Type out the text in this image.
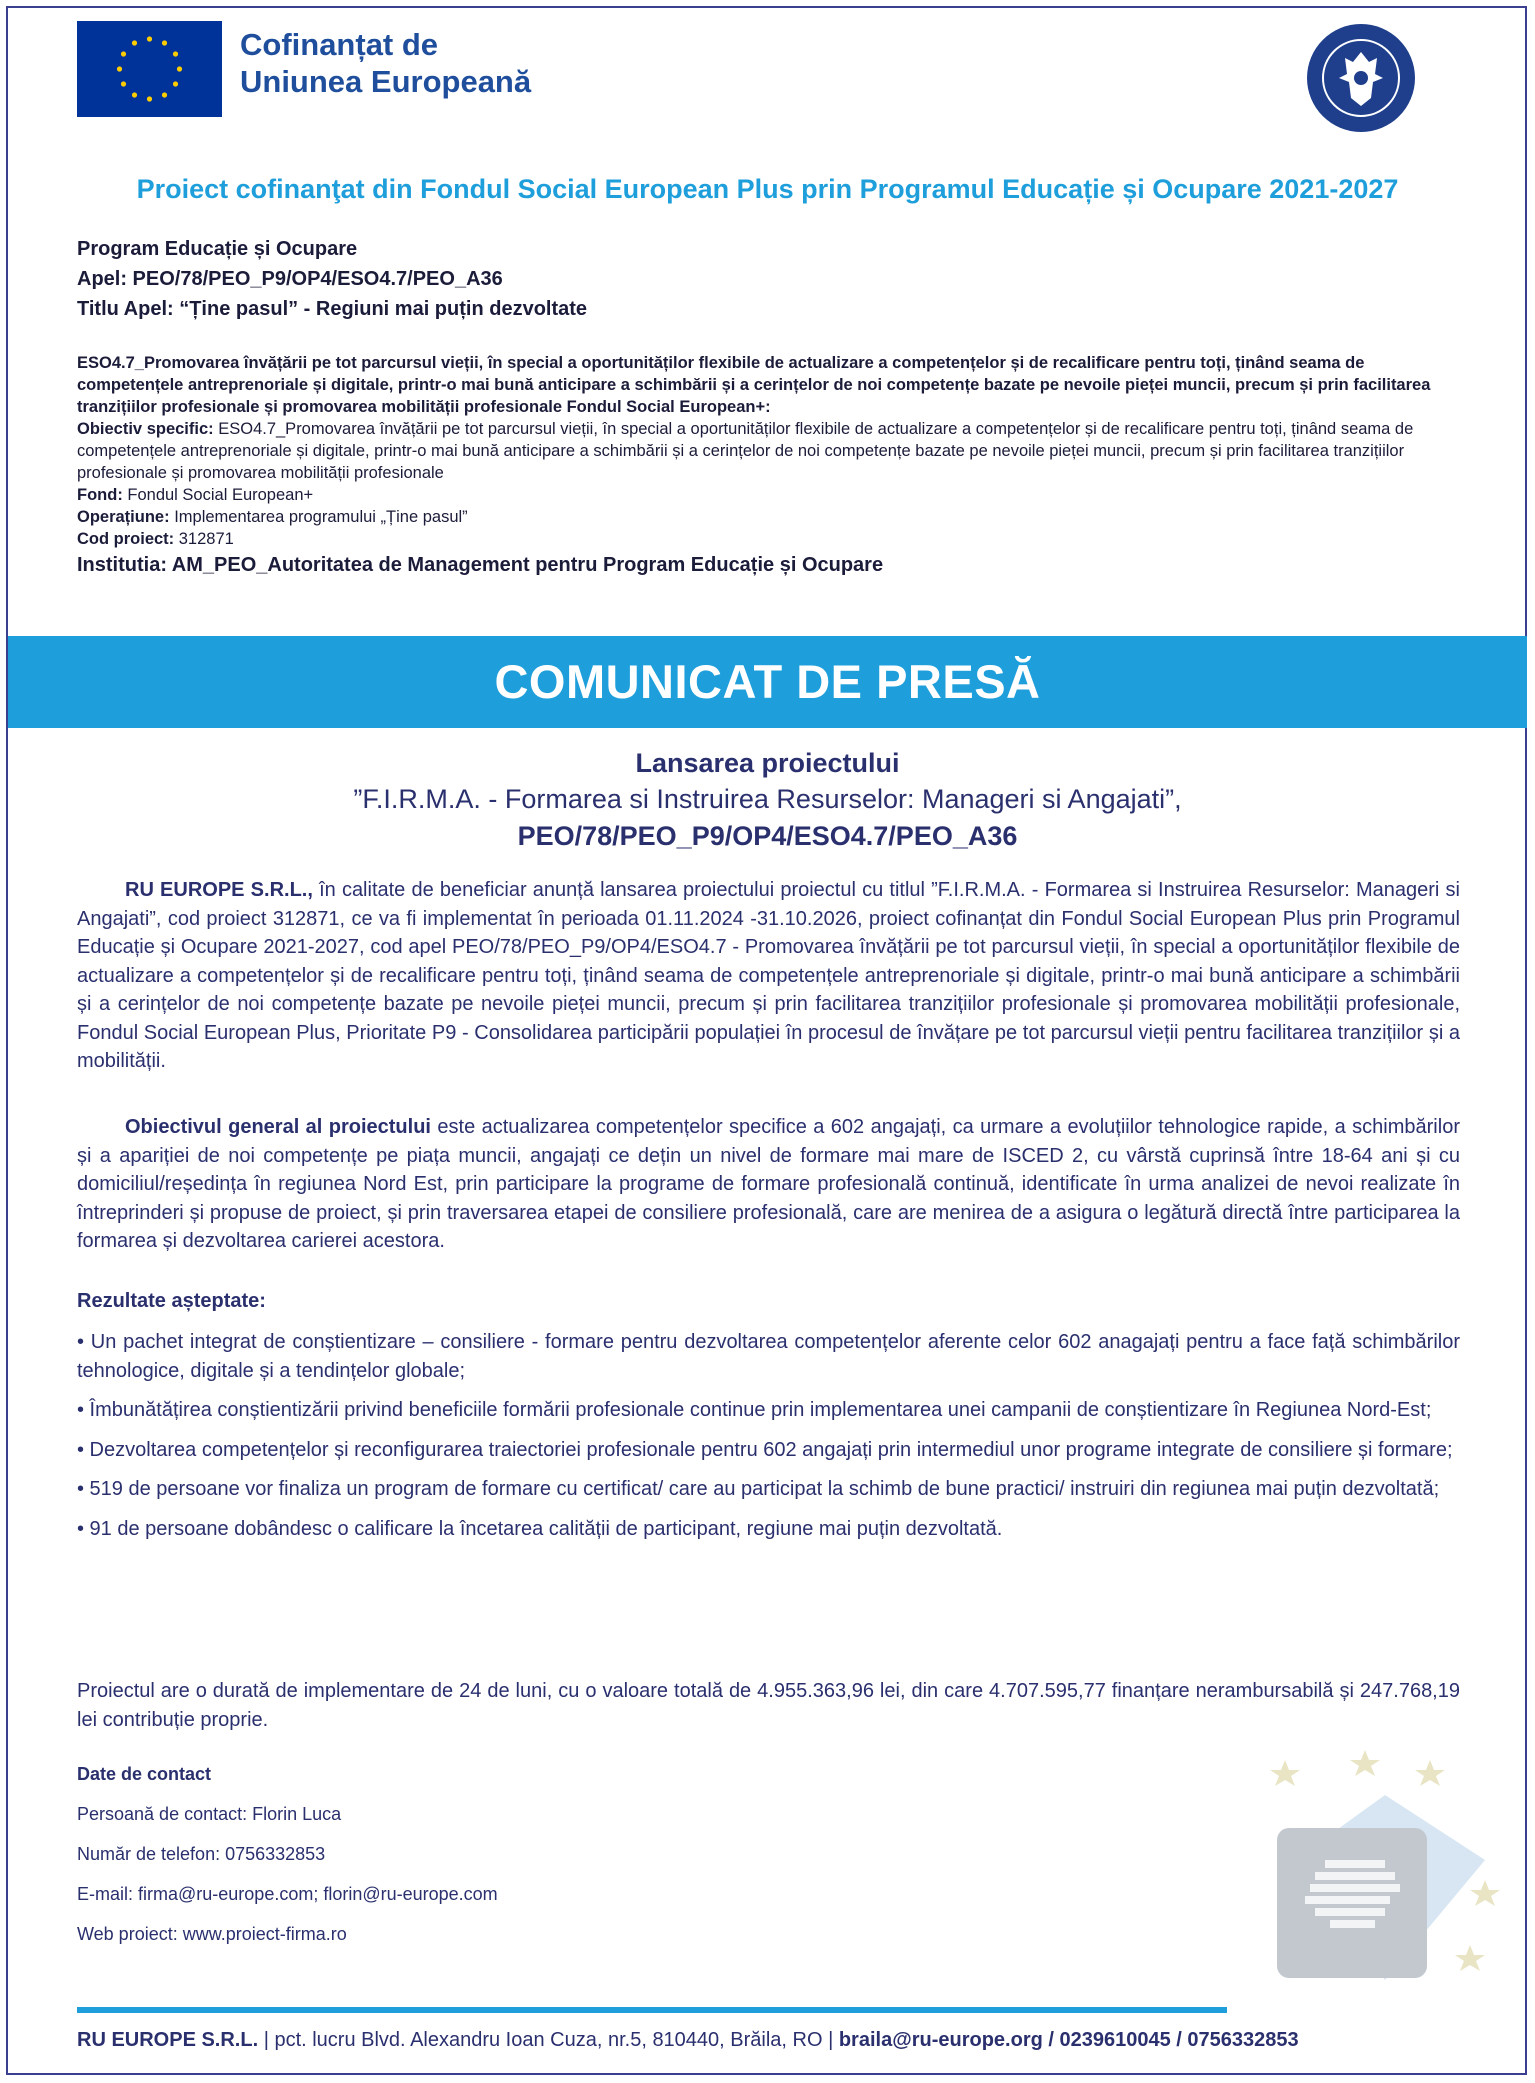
Cofinanțat de
Uniunea Europeană
Proiect cofinanţat din Fondul Social European Plus prin Programul Educație și Ocupare 2021-2027
Program Educație și Ocupare
Apel: PEO/78/PEO_P9/OP4/ESO4.7/PEO_A36
Titlu Apel: “Ține pasul” - Regiuni mai puțin dezvoltate

ESO4.7_Promovarea învățării pe tot parcursul vieții, în special a oportunităților flexibile de actualizare a competențelor și de recalificare pentru toți, ținând seama de competențele antreprenoriale și digitale, printr-o mai bună anticipare a schimbării și a cerințelor de noi competențe bazate pe nevoile pieței muncii, precum și prin facilitarea tranzițiilor profesionale și promovarea mobilității profesionale Fondul Social European+:

Obiectiv specific: ESO4.7_Promovarea învățării pe tot parcursul vieții, în special a oportunităților flexibile de actualizare a competențelor și de recalificare pentru toți, ținând seama de competențele antreprenoriale și digitale, printr-o mai bună anticipare a schimbării și a cerințelor de noi competențe bazate pe nevoile pieței muncii, precum și prin facilitarea tranzițiilor profesionale și promovarea mobilității profesionale

Fond: Fondul Social European+

Operațiune: Implementarea programului „Ține pasul”

Cod proiect: 312871

Institutia: AM_PEO_Autoritatea de Management pentru Program Educație și Ocupare

COMUNICAT DE PRESĂ
Lansarea proiectului
”F.I.R.M.A. - Formarea si Instruirea Resurselor: Manageri si Angajati”,
PEO/78/PEO_P9/OP4/ESO4.7/PEO_A36
RU EUROPE S.R.L., în calitate de beneficiar anunță lansarea proiectului proiectul cu titlul ”F.I.R.M.A. - Formarea si Instruirea Resurselor: Manageri si Angajati”, cod proiect 312871, ce va fi implementat în perioada 01.11.2024 -31.10.2026, proiect cofinanțat din Fondul Social European Plus prin Programul Educație și Ocupare 2021-2027, cod apel PEO/78/PEO_P9/OP4/ESO4.7 - Promovarea învățării pe tot parcursul vieții, în special a oportunităților flexibile de actualizare a competențelor și de recalificare pentru toți, ținând seama de competențele antreprenoriale și digitale, printr-o mai bună anticipare a schimbării și a cerințelor de noi competențe bazate pe nevoile pieței muncii, precum și prin facilitarea tranzițiilor profesionale și promovarea mobilității profesionale, Fondul Social European Plus, Prioritate P9 - Consolidarea participării populației în procesul de învățare pe tot parcursul vieții pentru facilitarea tranzițiilor și a mobilității.
Obiectivul general al proiectului este actualizarea competențelor specifice a 602 angajați, ca urmare a evoluțiilor tehnologice rapide, a schimbărilor și a apariției de noi competențe pe piața muncii, angajați ce dețin un nivel de formare mai mare de ISCED 2, cu vârstă cuprinsă între 18-64 ani și cu domiciliul/reședința în regiunea Nord Est, prin participare la programe de formare profesională continuă, identificate în urma analizei de nevoi realizate în întreprinderi și propuse de proiect, și prin traversarea etapei de consiliere profesională, care are menirea de a asigura o legătură directă între participarea la formarea și dezvoltarea carierei acestora.
Rezultate așteptate:

• Un pachet integrat de conștientizare – consiliere - formare pentru dezvoltarea competențelor aferente celor 602 anagajați pentru a face față schimbărilor tehnologice, digitale și a tendințelor globale;

• Îmbunătățirea conștientizării privind beneficiile formării profesionale continue prin implementarea unei campanii de conștientizare în Regiunea Nord-Est;

• Dezvoltarea competențelor și reconfigurarea traiectoriei profesionale pentru 602 angajați prin intermediul unor programe integrate de consiliere și formare;

• 519 de persoane vor finaliza un program de formare cu certificat/ care au participat la schimb de bune practici/ instruiri din regiunea mai puțin dezvoltată;

• 91 de persoane dobândesc o calificare la încetarea calității de participant, regiune mai puțin dezvoltată.

Proiectul are o durată de implementare de 24 de luni, cu o valoare totală de 4.955.363,96 lei, din care 4.707.595,77 finanțare nerambursabilă și 247.768,19 lei contribuție proprie.
Date de contact
Persoană de contact: Florin Luca
Număr de telefon: 0756332853
E-mail: firma@ru-europe.com; florin@ru-europe.com
Web proiect: www.proiect-firma.ro
RU EUROPE S.R.L. | pct. lucru Blvd. Alexandru Ioan Cuza, nr.5, 810440, Brăila, RO | braila@ru-europe.org / 0239610045 / 0756332853
